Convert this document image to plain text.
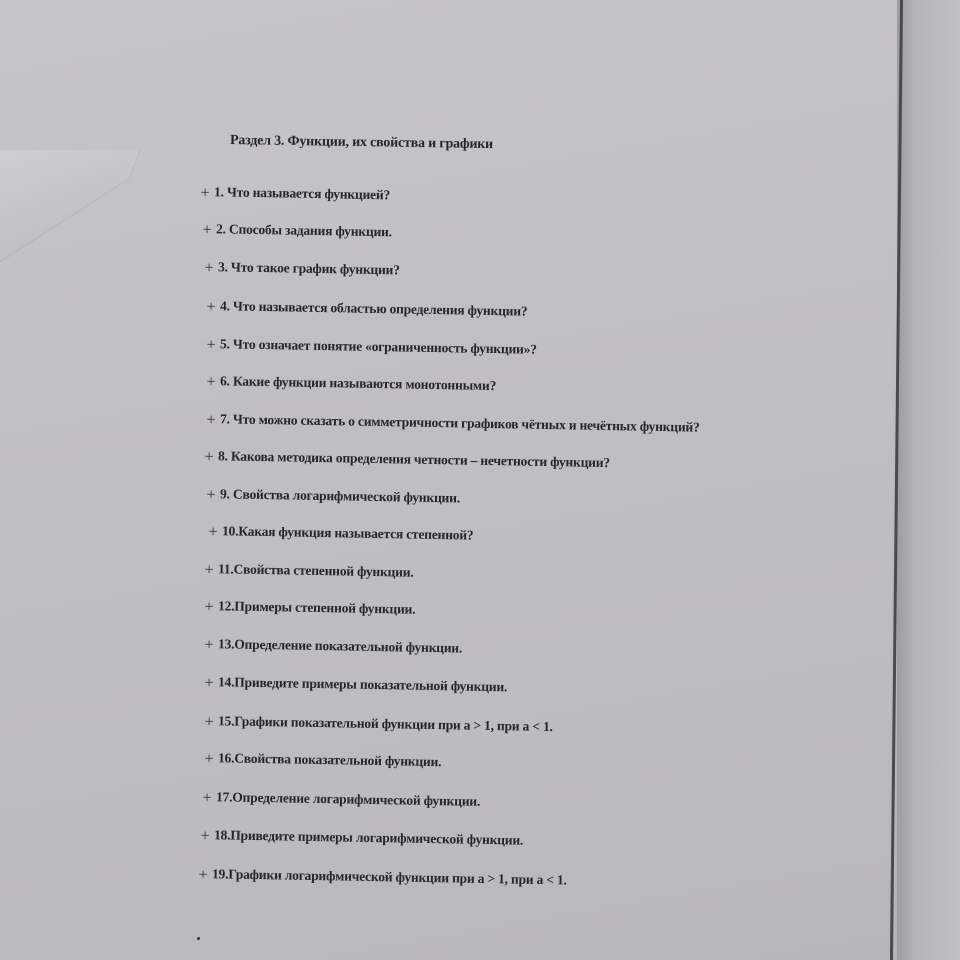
Раздел 3. Функции, их свойства и графики
+ 1. Что называется функцией?
+ 2. Способы задания функции.
+ 3. Что такое график функции?
+ 4. Что называется областью определения функции?
+ 5. Что означает понятие «ограниченность функции»?
+ 6. Какие функции называются монотонными?
+ 7. Что можно сказать о симметричности графиков чётных и нечётных функций?
+ 8. Какова методика определения четности – нечетности функции?
+ 9. Свойства логарифмической функции.
+ 10.Какая функция называется степенной?
+ 11.Свойства степенной функции.
+ 12.Примеры степенной функции.
+ 13.Определение показательной функции.
+ 14.Приведите примеры показательной функции.
+ 15.Графики показательной функции при a > 1, при a < 1.
+ 16.Свойства показательной функции.
+ 17.Определение логарифмической функции.
+ 18.Приведите примеры логарифмической функции.
+ 19.Графики логарифмической функции при a > 1, при a < 1.
